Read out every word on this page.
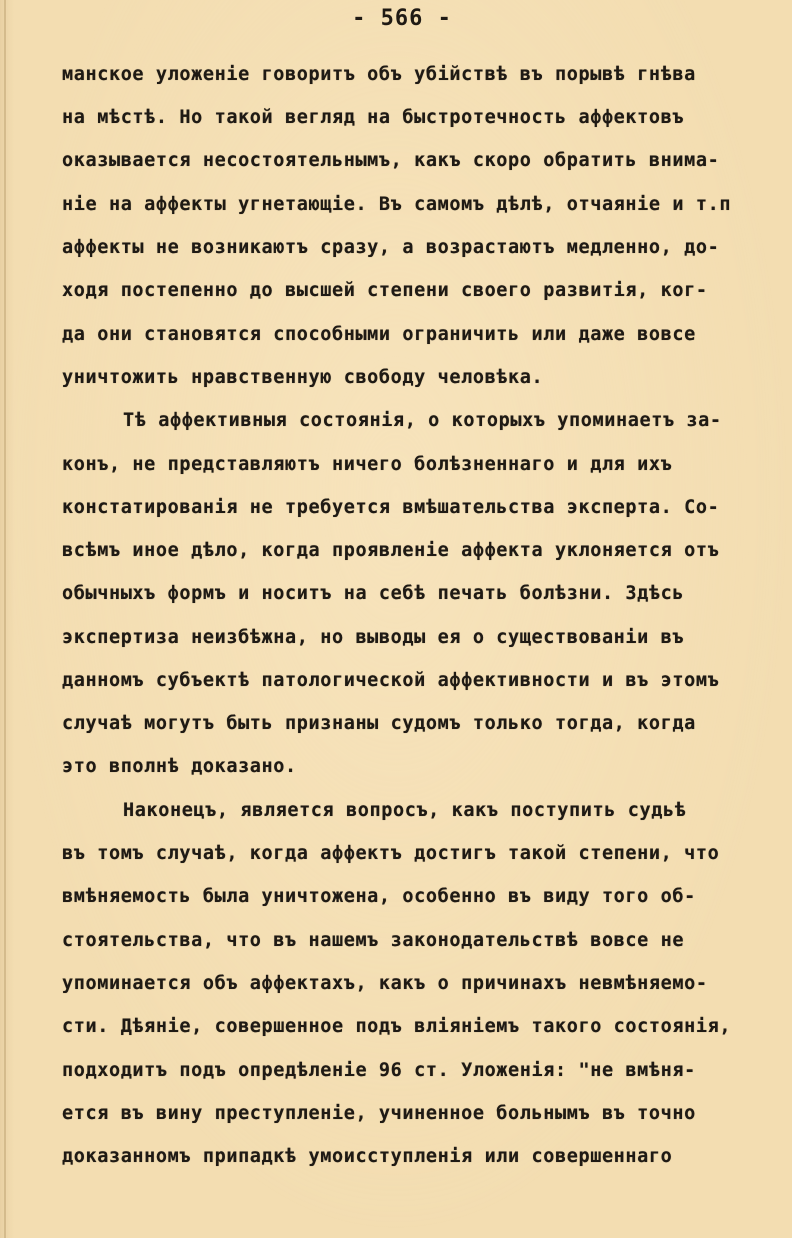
- 566 -
манское уложенiе говоритъ объ убiйствѣ въ порывѣ гнѣва
на мѣстѣ. Но такой вегляд на быстротечность аффектовъ
оказывается несостоятельнымъ, какъ скоро обратить внима-
нiе на аффекты угнетающiе. Въ самомъ дѣлѣ, отчаянiе и т.п
аффекты не возникаютъ сразу, а возрастаютъ медленно, до-
ходя постепенно до высшей степени своего развитiя, ког-
да они становятся способными ограничить или даже вовсе
уничтожить нравственную свободу человѣка.
Тѣ аффективныя состоянiя, о которыхъ упоминаетъ за-
конъ, не представляютъ ничего болѣзненнаго и для ихъ
констатированiя не требуется вмѣшательства эксперта. Со-
всѣмъ иное дѣло, когда проявленiе аффекта уклоняется отъ
обычныхъ формъ и носитъ на себѣ печать болѣзни. Здѣсь
экспертиза неизбѣжна, но выводы ея о существованiи въ
данномъ субъектѣ патологической аффективности и въ этомъ
случаѣ могутъ быть признаны судомъ только тогда, когда
это вполнѣ доказано.
Наконецъ, является вопросъ, какъ поступить судьѣ
въ томъ случаѣ, когда аффектъ достигъ такой степени, что
вмѣняемость была уничтожена, особенно въ виду того об-
стоятельства, что въ нашемъ законодательствѣ вовсе не
упоминается объ аффектахъ, какъ о причинахъ невмѣняемо-
сти. Дѣянiе, совершенное подъ влiянiемъ такого состоянiя,
подходитъ подъ опредѣленiе 96 ст. Уложенiя: "не вмѣня-
ется въ вину преступленiе, учиненное больнымъ въ точно
доказанномъ припадкѣ умоисступленiя или совершеннаго
